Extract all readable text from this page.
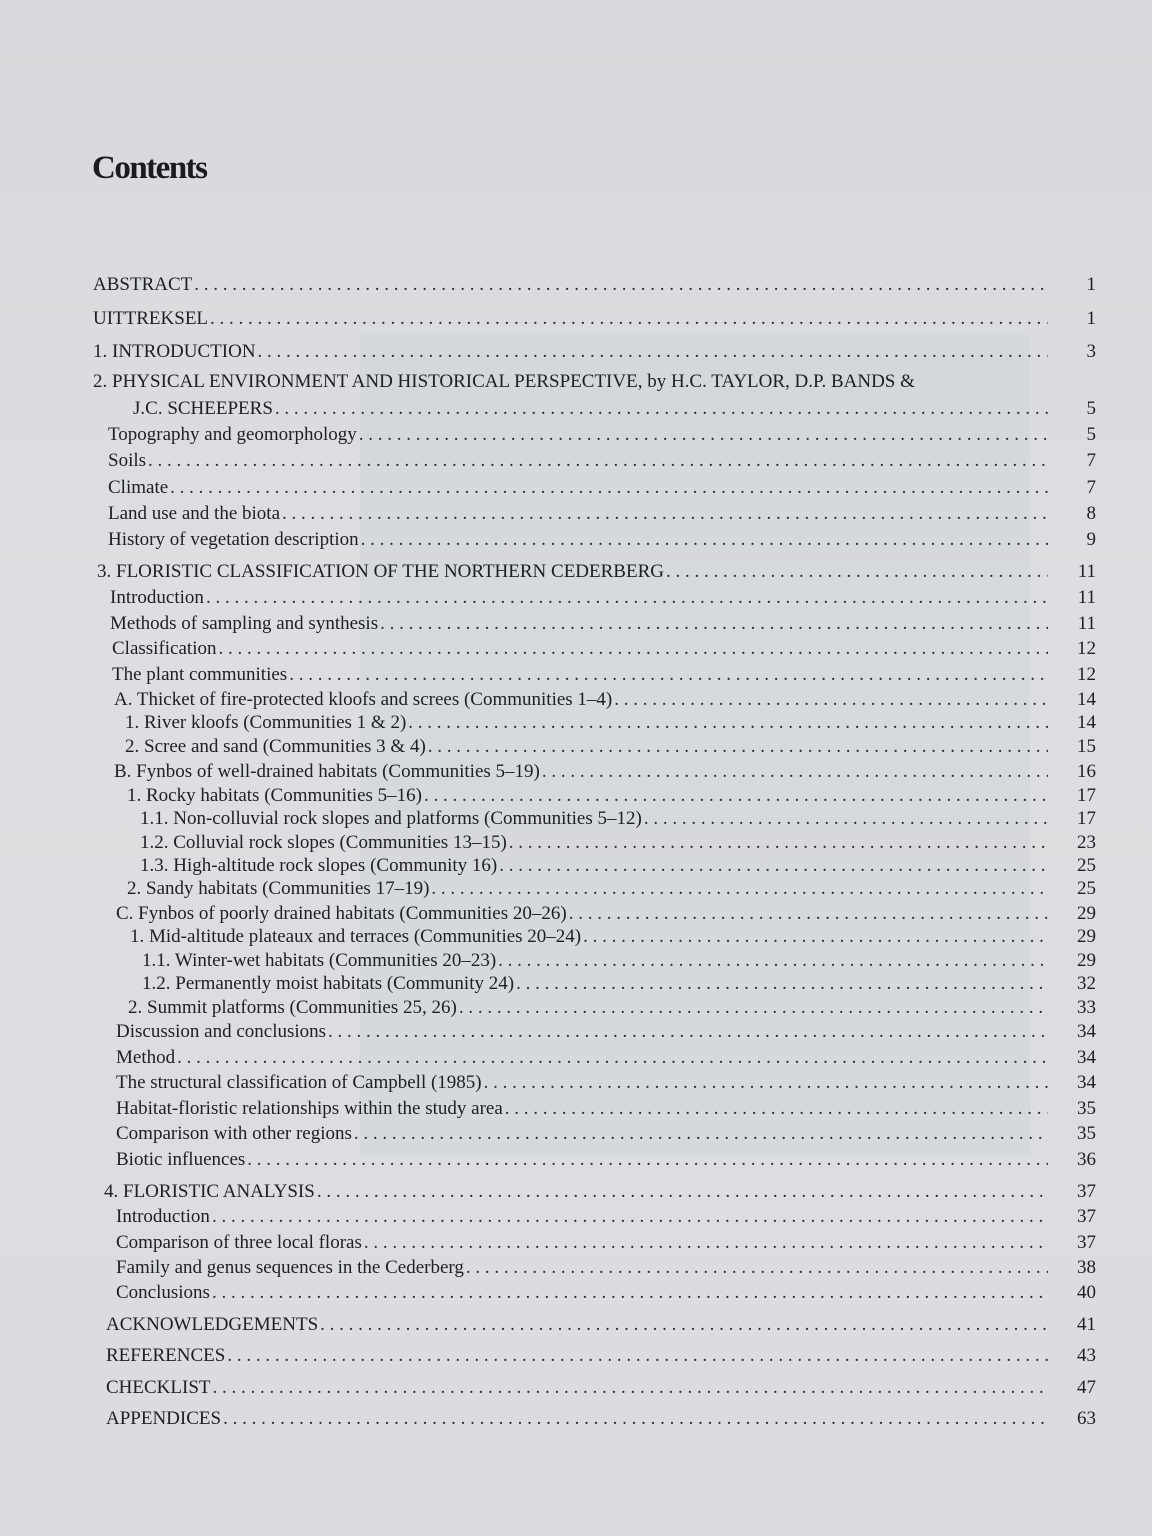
Contents
ABSTRACT . . .	1
UITTREKSEL . . .	1
1. INTRODUCTION . . .	3
2. PHYSICAL ENVIRONMENT AND HISTORICAL PERSPECTIVE, by H.C. TAYLOR, D.P. BANDS &
J.C. SCHEEPERS . . .	5
Topography and geomorphology . . .	5
Soils . . .	7
Climate . . .	7
Land use and the biota . . .	8
History of vegetation description . . .	9
3. FLORISTIC CLASSIFICATION OF THE NORTHERN CEDERBERG . . .	11
Introduction . . .	11
Methods of sampling and synthesis . . .	11
Classification . . .	12
The plant communities . . .	12
A. Thicket of fire-protected kloofs and screes (Communities 1–4) . . .	14
1. River kloofs (Communities 1 & 2) . . .	14
2. Scree and sand (Communities 3 & 4) . . .	15
B. Fynbos of well-drained habitats (Communities 5–19) . . .	16
1. Rocky habitats (Communities 5–16) . . .	17
1.1. Non-colluvial rock slopes and platforms (Communities 5–12) . . .	17
1.2. Colluvial rock slopes (Communities 13–15) . . .	23
1.3. High-altitude rock slopes (Community 16) . . .	25
2. Sandy habitats (Communities 17–19) . . .	25
C. Fynbos of poorly drained habitats (Communities 20–26) . . .	29
1. Mid-altitude plateaux and terraces (Communities 20–24) . . .	29
1.1. Winter-wet habitats (Communities 20–23) . . .	29
1.2. Permanently moist habitats (Community 24) . . .	32
2. Summit platforms (Communities 25, 26) . . .	33
Discussion and conclusions . . .	34
Method . . .	34
The structural classification of Campbell (1985) . . .	34
Habitat-floristic relationships within the study area . . .	35
Comparison with other regions . . .	35
Biotic influences . . .	36
4. FLORISTIC ANALYSIS . . .	37
Introduction . . .	37
Comparison of three local floras . . .	37
Family and genus sequences in the Cederberg . . .	38
Conclusions . . .	40
ACKNOWLEDGEMENTS . . .	41
REFERENCES . . .	43
CHECKLIST . . .	47
APPENDICES . . .	63
